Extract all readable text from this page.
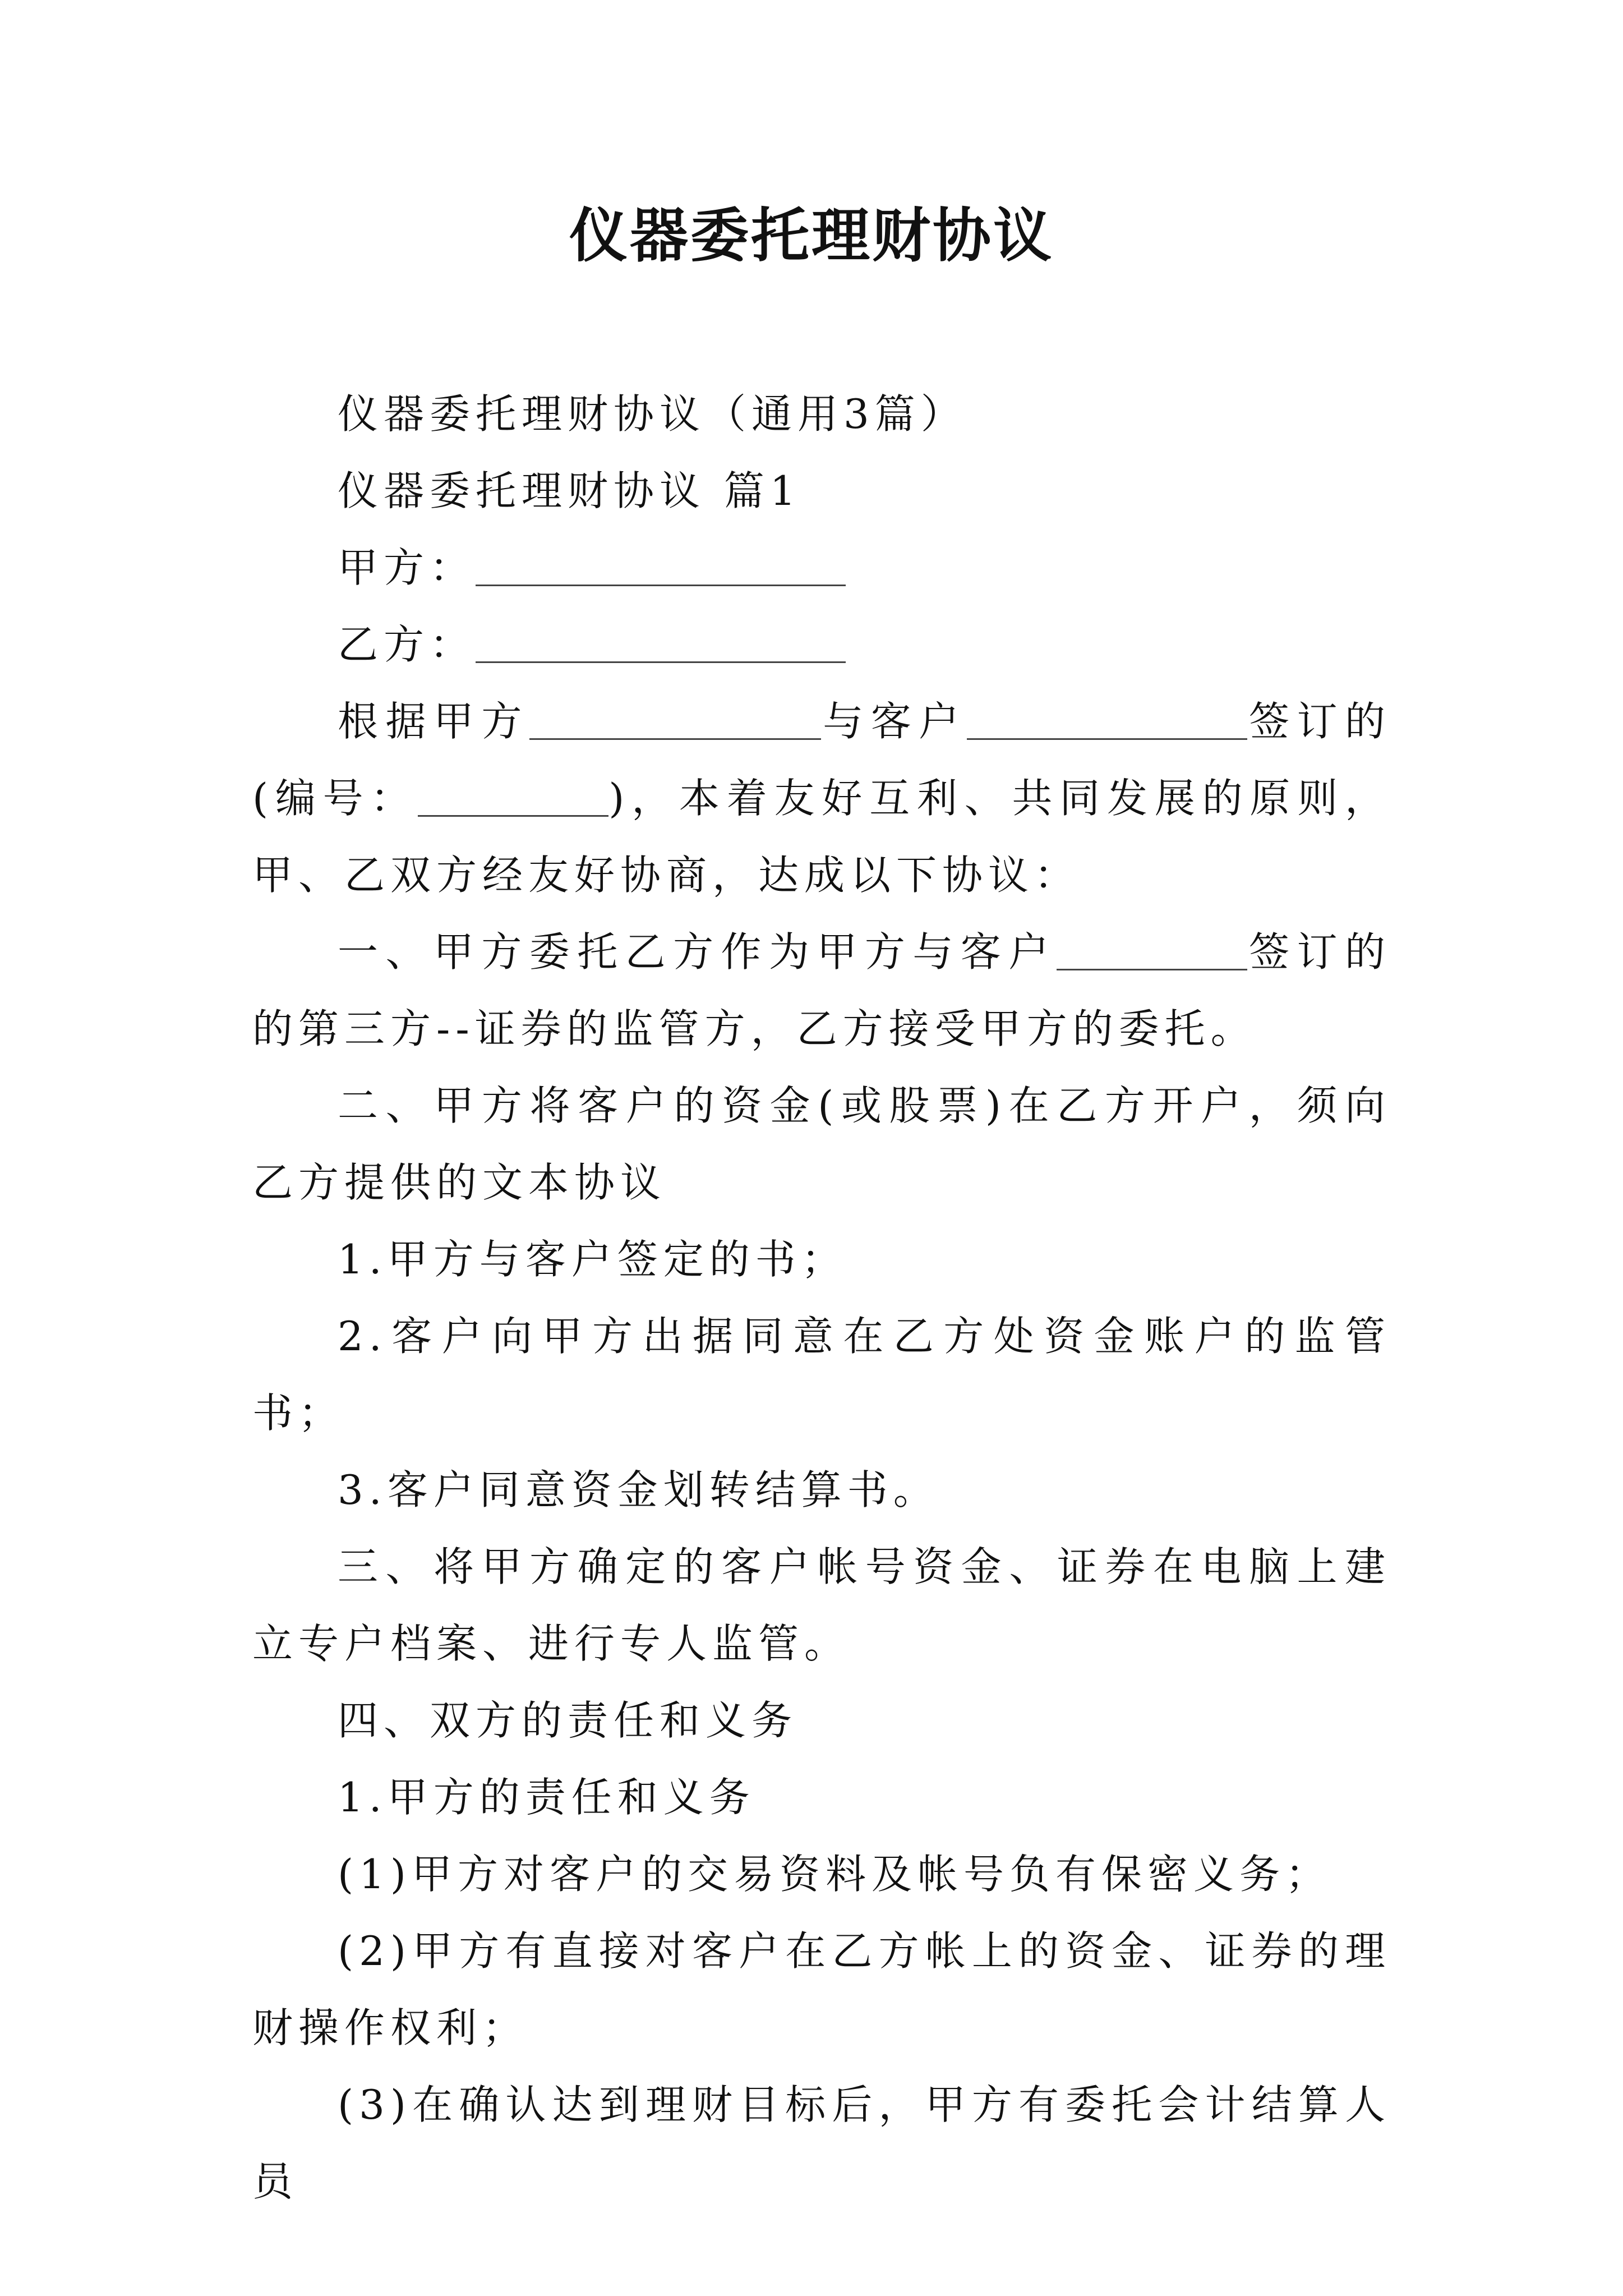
仪器委托理财协议

仪器委托理财协议（通用3篇）

仪器委托理财协议 篇1

甲方：

乙方：

根据甲方	与客户	签订的(编号：	)，本着友好互利、共同发展的原则，甲、乙双方经友好协商，达成以下协议：

一、甲方委托乙方作为甲方与客户	签订的的第三方--证券的监管方，乙方接受甲方的委托。

二、甲方将客户的资金(或股票)在乙方开户，须向乙方提供的文本协议

1.甲方与客户签定的书；

2.客户向甲方出据同意在乙方处资金账户的监管书；

3.客户同意资金划转结算书。

三、将甲方确定的客户帐号资金、证券在电脑上建立专户档案、进行专人监管。

四、双方的责任和义务

1.甲方的责任和义务

(1)甲方对客户的交易资料及帐号负有保密义务；

(2)甲方有直接对客户在乙方帐上的资金、证券的理财操作权利；

(3)在确认达到理财目标后，甲方有委托会计结算人员
